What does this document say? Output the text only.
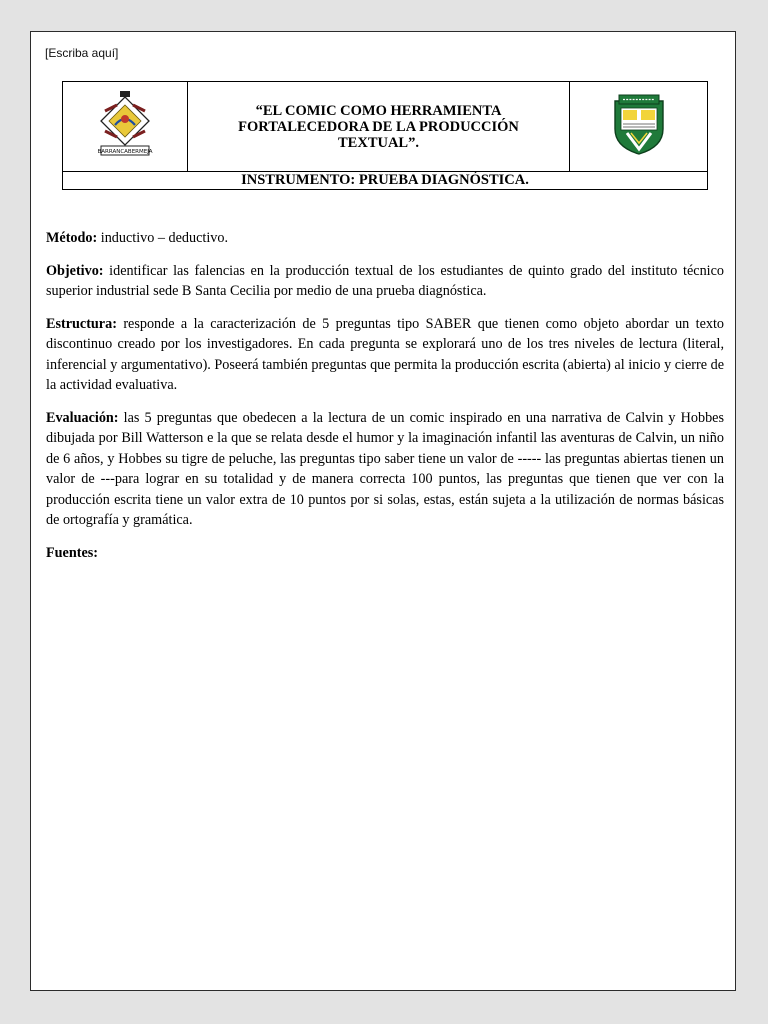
[Escriba aquí]
BARRANCABERMEJA

“EL COMIC COMO HERRAMIENTA
FORTALECEDORA DE LA PRODUCCIÓN
TEXTUAL”.

INSTRUMENTO: PRUEBA DIAGNÓSTICA.

Método: inductivo – deductivo.

Objetivo: identificar las falencias en la producción textual de los estudiantes de quinto grado del instituto técnico superior industrial sede B Santa Cecilia por medio de una prueba diagnóstica.

Estructura: responde a la caracterización de 5 preguntas tipo SABER que tienen como objeto abordar un texto discontinuo creado por los investigadores. En cada pregunta se explorará uno de los tres niveles de lectura (literal, inferencial y argumentativo). Poseerá también preguntas que permita la producción escrita (abierta) al inicio y cierre de la actividad evaluativa.

Evaluación: las 5 preguntas que obedecen a la lectura de un comic inspirado en una narrativa de Calvin y Hobbes dibujada por Bill Watterson e la que se relata desde el humor y la imaginación infantil las aventuras de Calvin, un niño de 6 años, y Hobbes su tigre de peluche, las preguntas tipo saber tiene un valor de ----- las preguntas abiertas tienen un valor de ---para lograr en su totalidad y de manera correcta 100 puntos, las preguntas que tienen que ver con la producción escrita tiene un valor extra de 10 puntos por si solas, estas, están sujeta a la utilización de normas básicas de ortografía y gramática.

Fuentes:
